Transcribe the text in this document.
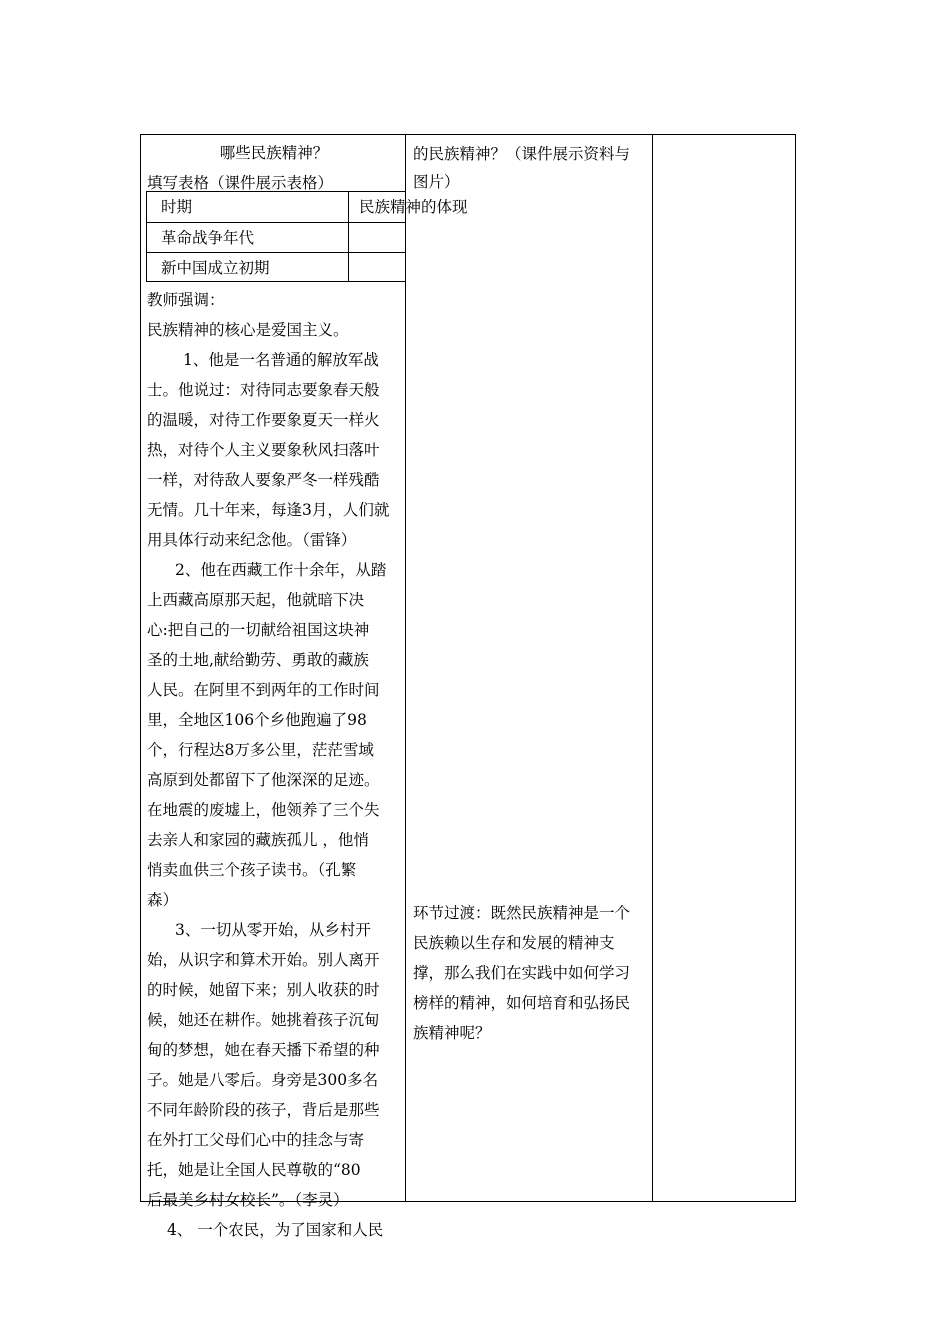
哪些民族精神？
填写表格（课件展示表格）
时期	民族精神的体现
革命战争年代
新中国成立初期
教师强调：
民族精神的核心是爱国主义。
1、他是一名普通的解放军战
士。他说过：对待同志要象春天般
的温暖，对待工作要象夏天一样火
热，对待个人主义要象秋风扫落叶
一样，对待敌人要象严冬一样残酷
无情。几十年来，每逢3月，人们就
用具体行动来纪念他。（雷锋）
2、他在西藏工作十余年，从踏
上西藏高原那天起，他就暗下决
心:把自己的一切献给祖国这块神
圣的土地,献给勤劳、勇敢的藏族
人民。在阿里不到两年的工作时间
里，全地区106个乡他跑遍了98
个，行程达8万多公里，茫茫雪域
高原到处都留下了他深深的足迹。
在地震的废墟上，他领养了三个失
去亲人和家园的藏族孤儿 ，他悄
悄卖血供三个孩子读书。（孔繁
森）
3、一切从零开始，从乡村开
始，从识字和算术开始。别人离开
的时候，她留下来；别人收获的时
候，她还在耕作。她挑着孩子沉甸
甸的梦想，她在春天播下希望的种
子。她是八零后。身旁是300多名
不同年龄阶段的孩子，背后是那些
在外打工父母们心中的挂念与寄
托，她是让全国人民尊敬的“80
后最美乡村女校长”。（李灵）
4、 一个农民，为了国家和人民
的民族精神？（课件展示资料与
图片）
环节过渡：既然民族精神是一个
民族赖以生存和发展的精神支
撑，那么我们在实践中如何学习
榜样的精神，如何培育和弘扬民
族精神呢？
